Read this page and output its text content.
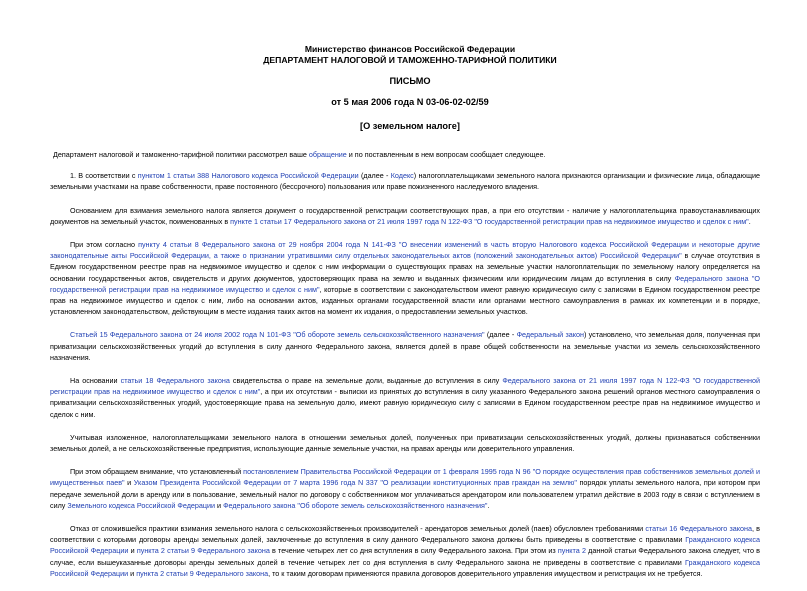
Министерство финансов Российской Федерации
ДЕПАРТАМЕНТ НАЛОГОВОЙ И ТАМОЖЕННО-ТАРИФНОЙ ПОЛИТИКИ
ПИСЬМО
от 5 мая 2006 года N 03-06-02-02/59
[О земельном налоге]

Департамент налоговой и таможенно-тарифной политики рассмотрел ваше обращение и по поставленным в нем вопросам сообщает следующее.

1. В соответствии с пунктом 1 статьи 388 Налогового кодекса Российской Федерации (далее - Кодекс) налогоплательщиками земельного налога признаются организации и физические лица, обладающие земельными участками на праве собственности, праве постоянного (бессрочного) пользования или праве пожизненного наследуемого владения.

Основанием для взимания земельного налога является документ о государственной регистрации соответствующих прав, а при его отсутствии - наличие у налогоплательщика правоустанавливающих документов на земельный участок, поименованных в пункте 1 статьи 17 Федерального закона от 21 июля 1997 года N 122-ФЗ "О государственной регистрации прав на недвижимое имущество и сделок с ним".

При этом согласно пункту 4 статьи 8 Федерального закона от 29 ноября 2004 года N 141-ФЗ "О внесении изменений в часть вторую Налогового кодекса Российской Федерации и некоторые другие законодательные акты Российской Федерации, а также о признании утратившими силу отдельных законодательных актов (положений законодательных актов) Российской Федерации" в случае отсутствия в Едином государственном реестре прав на недвижимое имущество и сделок с ним информации о существующих правах на земельные участки налогоплательщик по земельному налогу определяется на основании государственных актов, свидетельств и других документов, удостоверяющих права на землю и выданных физическим или юридическим лицам до вступления в силу Федерального закона "О государственной регистрации прав на недвижимое имущество и сделок с ним", которые в соответствии с законодательством имеют равную юридическую силу с записями в Едином государственном реестре прав на недвижимое имущество и сделок с ним, либо на основании актов, изданных органами государственной власти или органами местного самоуправления в рамках их компетенции и в порядке, установленном законодательством, действующим в месте издания таких актов на момент их издания, о предоставлении земельных участков.

Статьей 15 Федерального закона от 24 июля 2002 года N 101-ФЗ "Об обороте земель сельскохозяйственного назначения" (далее - Федеральный закон) установлено, что земельная доля, полученная при приватизации сельскохозяйственных угодий до вступления в силу данного Федерального закона, является долей в праве общей собственности на земельные участки из земель сельскохозяйственного назначения.

На основании статьи 18 Федерального закона свидетельства о праве на земельные доли, выданные до вступления в силу Федерального закона от 21 июля 1997 года N 122-ФЗ "О государственной регистрации прав на недвижимое имущество и сделок с ним", а при их отсутствии - выписки из принятых до вступления в силу указанного Федерального закона решений органов местного самоуправления о приватизации сельскохозяйственных угодий, удостоверяющие права на земельную долю, имеют равную юридическую силу с записями в Едином государственном реестре прав на недвижимое имущество и сделок с ним.

Учитывая изложенное, налогоплательщиками земельного налога в отношении земельных долей, полученных при приватизации сельскохозяйственных угодий, должны признаваться собственники земельных долей, а не сельскохозяйственные предприятия, использующие данные земельные участки, на правах аренды или доверительного управления.

При этом обращаем внимание, что установленный постановлением Правительства Российской Федерации от 1 февраля 1995 года N 96 "О порядке осуществления прав собственников земельных долей и имущественных паев" и Указом Президента Российской Федерации от 7 марта 1996 года N 337 "О реализации конституционных прав граждан на землю" порядок уплаты земельного налога, при котором при передаче земельной доли в аренду или в пользование, земельный налог по договору с собственником мог уплачиваться арендатором или пользователем утратил действие в 2003 году в связи с вступлением в силу Земельного кодекса Российской Федерации и Федерального закона "Об обороте земель сельскохозяйственного назначения".

Отказ от сложившейся практики взимания земельного налога с сельскохозяйственных производителей - арендаторов земельных долей (паев) обусловлен требованиями статьи 16 Федерального закона, в соответствии с которыми договоры аренды земельных долей, заключенные до вступления в силу данного Федерального закона должны быть приведены в соответствие с правилами Гражданского кодекса Российской Федерации и пункта 2 статьи 9 Федерального закона в течение четырех лет со дня вступления в силу Федерального закона. При этом из пункта 2 данной статьи Федерального закона следует, что в случае, если вышеуказанные договоры аренды земельных долей в течение четырех лет со дня вступления в силу Федерального закона не приведены в соответствие с правилами Гражданского кодекса Российской Федерации и пункта 2 статьи 9 Федерального закона, то к таким договорам применяются правила договоров доверительного управления имуществом и регистрация их не требуется.
